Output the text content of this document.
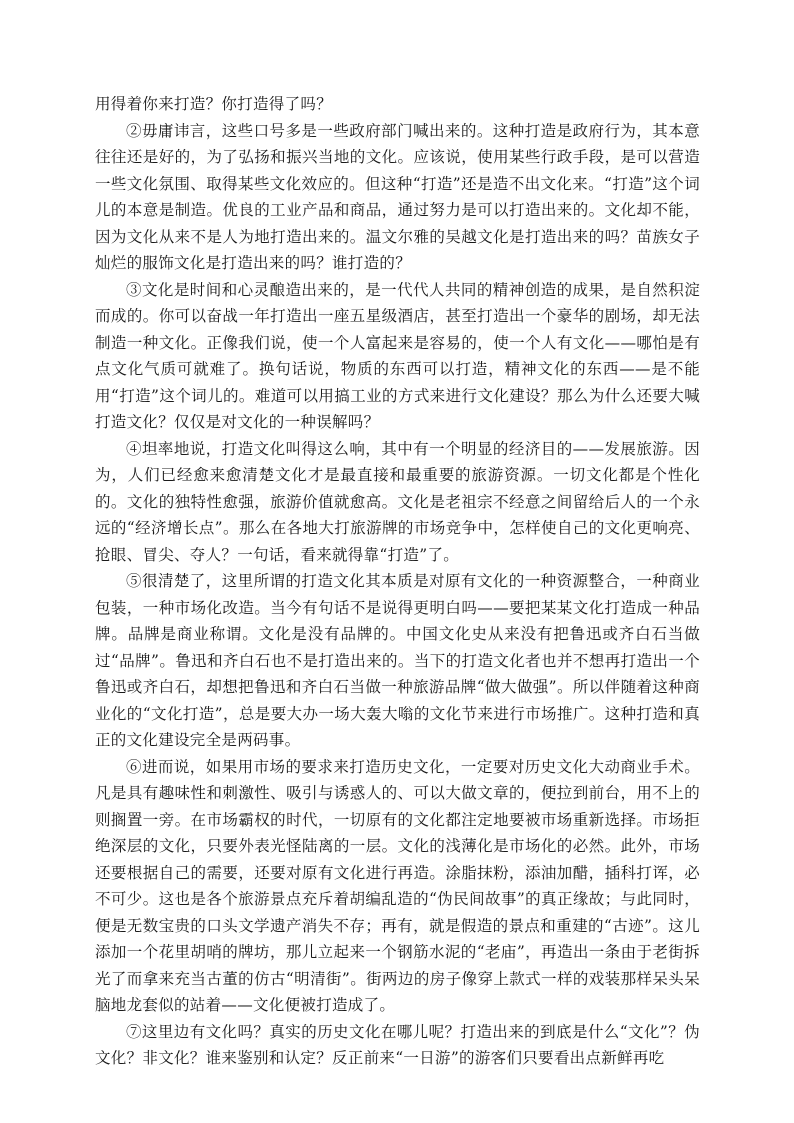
用得着你来打造？你打造得了吗？

②毋庸讳言，这些口号多是一些政府部门喊出来的。这种打造是政府行为，其本意往往还是好的，为了弘扬和振兴当地的文化。应该说，使用某些行政手段，是可以营造一些文化氛围、取得某些文化效应的。但这种“打造”还是造不出文化来。“打造”这个词儿的本意是制造。优良的工业产品和商品，通过努力是可以打造出来的。文化却不能，因为文化从来不是人为地打造出来的。温文尔雅的吴越文化是打造出来的吗？苗族女子灿烂的服饰文化是打造出来的吗？谁打造的？

③文化是时间和心灵酿造出来的，是一代代人共同的精神创造的成果，是自然积淀而成的。你可以奋战一年打造出一座五星级酒店，甚至打造出一个豪华的剧场，却无法制造一种文化。正像我们说，使一个人富起来是容易的，使一个人有文化——哪怕是有点文化气质可就难了。换句话说，物质的东西可以打造，精神文化的东西——是不能用“打造”这个词儿的。难道可以用搞工业的方式来进行文化建设？那么为什么还要大喊打造文化？仅仅是对文化的一种误解吗？

④坦率地说，打造文化叫得这么响，其中有一个明显的经济目的——发展旅游。因为，人们已经愈来愈清楚文化才是最直接和最重要的旅游资源。一切文化都是个性化的。文化的独特性愈强，旅游价值就愈高。文化是老祖宗不经意之间留给后人的一个永远的“经济增长点”。那么在各地大打旅游牌的市场竞争中，怎样使自己的文化更响亮、抢眼、冒尖、夺人？一句话，看来就得靠“打造”了。

⑤很清楚了，这里所谓的打造文化其本质是对原有文化的一种资源整合，一种商业包装，一种市场化改造。当今有句话不是说得更明白吗——要把某某文化打造成一种品牌。品牌是商业称谓。文化是没有品牌的。中国文化史从来没有把鲁迅或齐白石当做过“品牌”。鲁迅和齐白石也不是打造出来的。当下的打造文化者也并不想再打造出一个鲁迅或齐白石，却想把鲁迅和齐白石当做一种旅游品牌“做大做强”。所以伴随着这种商业化的“文化打造”，总是要大办一场大轰大嗡的文化节来进行市场推广。这种打造和真正的文化建设完全是两码事。

⑥进而说，如果用市场的要求来打造历史文化，一定要对历史文化大动商业手术。凡是具有趣味性和刺激性、吸引与诱惑人的、可以大做文章的，便拉到前台，用不上的则搁置一旁。在市场霸权的时代，一切原有的文化都注定地要被市场重新选择。市场拒绝深层的文化，只要外表光怪陆离的一层。文化的浅薄化是市场化的必然。此外，市场还要根据自己的需要，还要对原有文化进行再造。涂脂抹粉，添油加醋，插科打诨，必不可少。这也是各个旅游景点充斥着胡编乱造的“伪民间故事”的真正缘故；与此同时，便是无数宝贵的口头文学遗产消失不存；再有，就是假造的景点和重建的“古迹”。这儿添加一个花里胡哨的牌坊，那儿立起来一个钢筋水泥的“老庙”，再造出一条由于老街拆光了而拿来充当古董的仿古“明清街”。街两边的房子像穿上款式一样的戏装那样呆头呆脑地龙套似的站着——文化便被打造成了。

⑦这里边有文化吗？真实的历史文化在哪儿呢？打造出来的到底是什么“文化”？伪文化？非文化？谁来鉴别和认定？反正前来“一日游”的游客们只要看出点新鲜再吃
